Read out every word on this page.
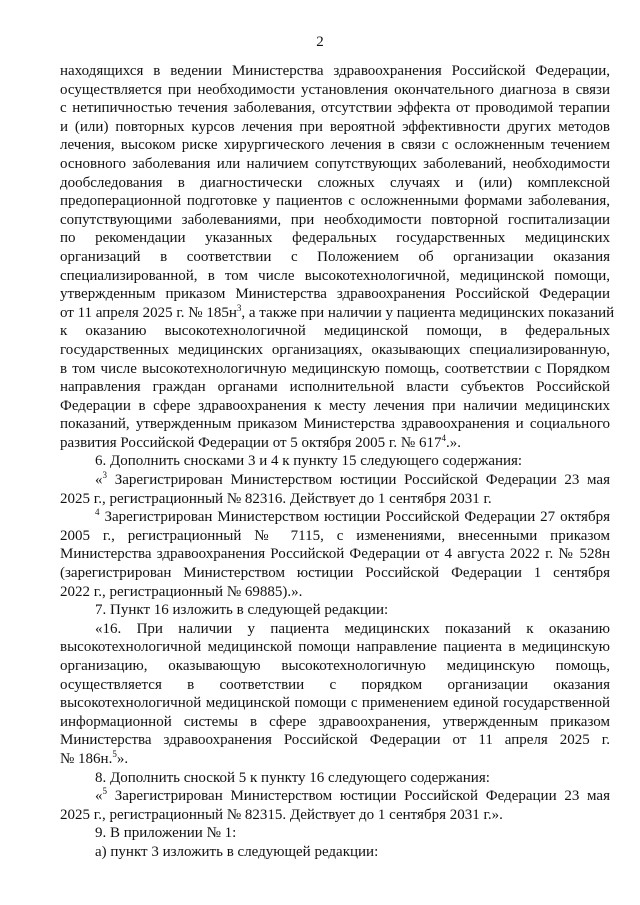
2
находящихся в ведении Министерства здравоохранения Российской Федерации,
осуществляется при необходимости установления окончательного диагноза в связи
с нетипичностью течения заболевания, отсутствии эффекта от проводимой терапии
и (или) повторных курсов лечения при вероятной эффективности других методов
лечения, высоком риске хирургического лечения в связи с осложненным течением
основного заболевания или наличием сопутствующих заболеваний, необходимости
дообследования в диагностически сложных случаях и (или) комплексной
предоперационной подготовке у пациентов с осложненными формами заболевания,
сопутствующими заболеваниями, при необходимости повторной госпитализации
по рекомендации указанных федеральных государственных медицинских
организаций в соответствии с Положением об организации оказания
специализированной, в том числе высокотехнологичной, медицинской помощи,
утвержденным приказом Министерства здравоохранения Российской Федерации
от 11 апреля 2025 г. № $185н^3$, а также при наличии у пациента медицинских показаний
к оказанию высокотехнологичной медицинской помощи, в федеральных
государственных медицинских организациях, оказывающих специализированную,
в том числе высокотехнологичную медицинскую помощь, соответствии с Порядком
направления граждан органами исполнительной власти субъектов Российской
Федерации в сфере здравоохранения к месту лечения при наличии медицинских
показаний, утвержденным приказом Министерства здравоохранения и социального
развития Российской Федерации от 5 октября 2005 г. № $617^4$.».
6. Дополнить сносками 3 и 4 к пункту 15 следующего содержания:
«$^3$ Зарегистрирован Министерством юстиции Российской Федерации 23 мая
2025 г., регистрационный № 82316. Действует до 1 сентября 2031 г.
$^4$ Зарегистрирован Министерством юстиции Российской Федерации 27 октября
2005 г., регистрационный № 7115, с изменениями, внесенными приказом
Министерства здравоохранения Российской Федерации от 4 августа 2022 г. № 528н
(зарегистрирован Министерством юстиции Российской Федерации 1 сентября
2022 г., регистрационный № 69885).».
7. Пункт 16 изложить в следующей редакции:
«16. При наличии у пациента медицинских показаний к оказанию
высокотехнологичной медицинской помощи направление пациента в медицинскую
организацию, оказывающую высокотехнологичную медицинскую помощь,
осуществляется в соответствии с порядком организации оказания
высокотехнологичной медицинской помощи с применением единой государственной
информационной системы в сфере здравоохранения, утвержденным приказом
Министерства здравоохранения Российской Федерации от 11 апреля 2025 г.
№ 186н.$^5$».
8. Дополнить сноской 5 к пункту 16 следующего содержания:
«$^5$ Зарегистрирован Министерством юстиции Российской Федерации 23 мая
2025 г., регистрационный № 82315. Действует до 1 сентября 2031 г.».
9. В приложении № 1:
а) пункт 3 изложить в следующей редакции:
